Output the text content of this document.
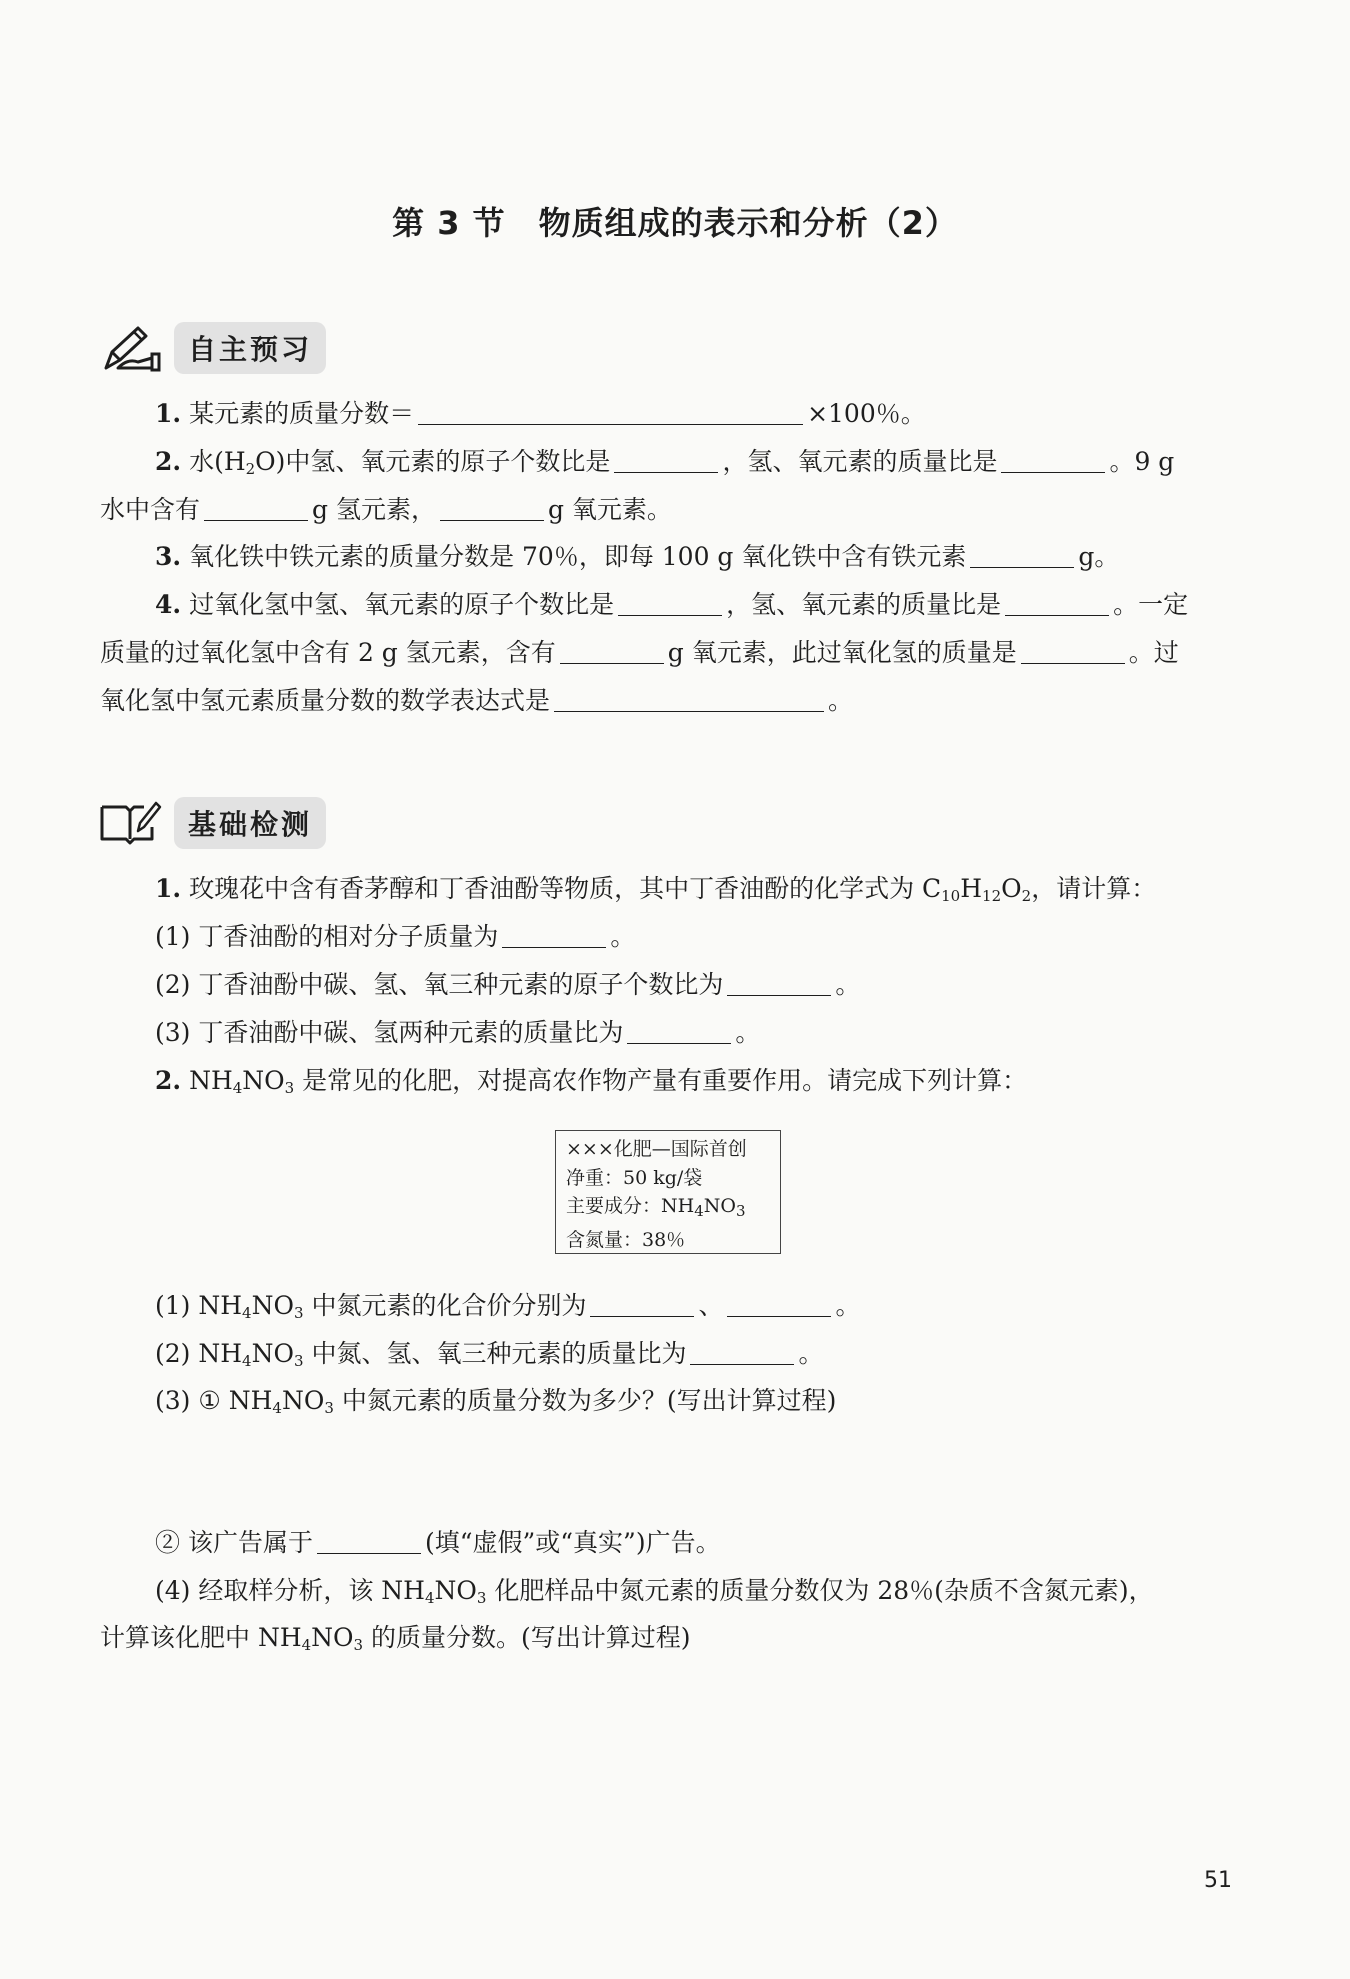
第 3 节　物质组成的表示和分析（2）
自主预习
1. 某元素的质量分数＝	×100％。
2. 水$(H_2O)$中氢、氧元素的原子个数比是	，氢、氧元素的质量比是	。9 g
水中含有	g 氢元素，	g 氧元素。
3. 氧化铁中铁元素的质量分数是 70％，即每 100 g 氧化铁中含有铁元素	g。
4. 过氧化氢中氢、氧元素的原子个数比是	，氢、氧元素的质量比是	。一定
质量的过氧化氢中含有 2 g 氢元素，含有	g 氧元素，此过氧化氢的质量是	。过
氧化氢中氢元素质量分数的数学表达式是	。
基础检测
1. 玫瑰花中含有香茅醇和丁香油酚等物质，其中丁香油酚的化学式为 $C_{10}H_{12}O_2$，请计算：
(1) 丁香油酚的相对分子质量为	。
(2) 丁香油酚中碳、氢、氧三种元素的原子个数比为	。
(3) 丁香油酚中碳、氢两种元素的质量比为	。
2. $NH_4NO_3$ 是常见的化肥，对提高农作物产量有重要作用。请完成下列计算：
×××化肥—国际首创
净重：50 kg/袋
主要成分：$NH_4NO_3$
含氮量：38％
(1) $NH_4NO_3$ 中氮元素的化合价分别为	、	。
(2) $NH_4NO_3$ 中氮、氢、氧三种元素的质量比为	。
(3) ① $NH_4NO_3$ 中氮元素的质量分数为多少？(写出计算过程)
② 该广告属于	(填“虚假”或“真实”)广告。
(4) 经取样分析，该 $NH_4NO_3$ 化肥样品中氮元素的质量分数仅为 28％(杂质不含氮元素)，
计算该化肥中 $NH_4NO_3$ 的质量分数。(写出计算过程)
51
